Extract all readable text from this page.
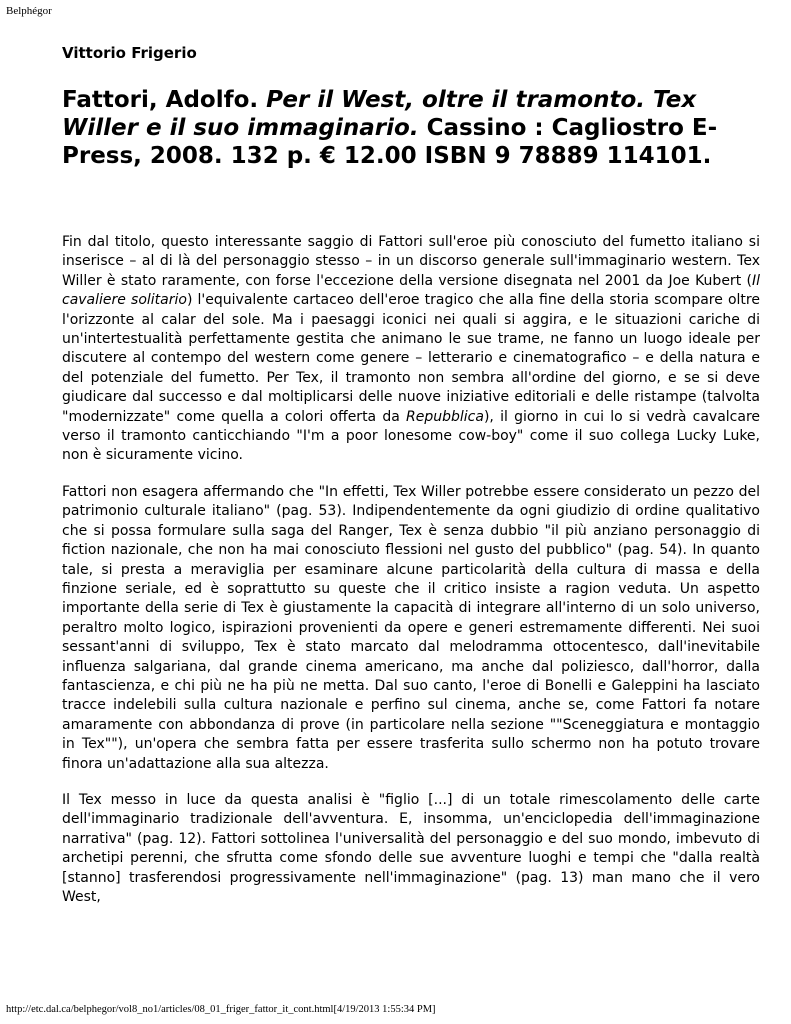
Belphégor
Vittorio Frigerio
Fattori, Adolfo. Per il West, oltre il tramonto. Tex Willer e il suo immaginario. Cassino : Cagliostro E-Press, 2008. 132 p. € 12.00 ISBN 9 78889 114101.

Fin dal titolo, questo interessante saggio di Fattori sull'eroe più conosciuto del fumetto italiano si inserisce – al di là del personaggio stesso – in un discorso generale sull'immaginario western. Tex Willer è stato raramente, con forse l'eccezione della versione disegnata nel 2001 da Joe Kubert (Il cavaliere solitario) l'equivalente cartaceo dell'eroe tragico che alla fine della storia scompare oltre l'orizzonte al calar del sole. Ma i paesaggi iconici nei quali si aggira, e le situazioni cariche di un'intertestualità perfettamente gestita che animano le sue trame, ne fanno un luogo ideale per discutere al contempo del western come genere – letterario e cinematografico – e della natura e del potenziale del fumetto. Per Tex, il tramonto non sembra all'ordine del giorno, e se si deve giudicare dal successo e dal moltiplicarsi delle nuove iniziative editoriali e delle ristampe (talvolta "modernizzate" come quella a colori offerta da Repubblica), il giorno in cui lo si vedrà cavalcare verso il tramonto canticchiando "I'm a poor lonesome cow-boy" come il suo collega Lucky Luke, non è sicuramente vicino.

Fattori non esagera affermando che "In effetti, Tex Willer potrebbe essere considerato un pezzo del patrimonio culturale italiano" (pag. 53). Indipendentemente da ogni giudizio di ordine qualitativo che si possa formulare sulla saga del Ranger, Tex è senza dubbio "il più anziano personaggio di fiction nazionale, che non ha mai conosciuto flessioni nel gusto del pubblico" (pag. 54). In quanto tale, si presta a meraviglia per esaminare alcune particolarità della cultura di massa e della finzione seriale, ed è soprattutto su queste che il critico insiste a ragion veduta. Un aspetto importante della serie di Tex è giustamente la capacità di integrare all'interno di un solo universo, peraltro molto logico, ispirazioni provenienti da opere e generi estremamente differenti. Nei suoi sessant'anni di sviluppo, Tex è stato marcato dal melodramma ottocentesco, dall'inevitabile influenza salgariana, dal grande cinema americano, ma anche dal poliziesco, dall'horror, dalla fantascienza, e chi più ne ha più ne metta. Dal suo canto, l'eroe di Bonelli e Galeppini ha lasciato tracce indelebili sulla cultura nazionale e perfino sul cinema, anche se, come Fattori fa notare amaramente con abbondanza di prove (in particolare nella sezione ""Sceneggiatura e montaggio in Tex""), un'opera che sembra fatta per essere trasferita sullo schermo non ha potuto trovare finora un'adattazione alla sua altezza.

Il Tex messo in luce da questa analisi è "figlio [...] di un totale rimescolamento delle carte dell'immaginario tradizionale dell'avventura. E, insomma, un'enciclopedia dell'immaginazione narrativa" (pag. 12). Fattori sottolinea l'universalità del personaggio e del suo mondo, imbevuto di archetipi perenni, che sfrutta come sfondo delle sue avventure luoghi e tempi che "dalla realtà [stanno] trasferendosi progressivamente nell'immaginazione" (pag. 13) man mano che il vero West,

http://etc.dal.ca/belphegor/vol8_no1/articles/08_01_friger_fattor_it_cont.html[4/19/2013 1:55:34 PM]
